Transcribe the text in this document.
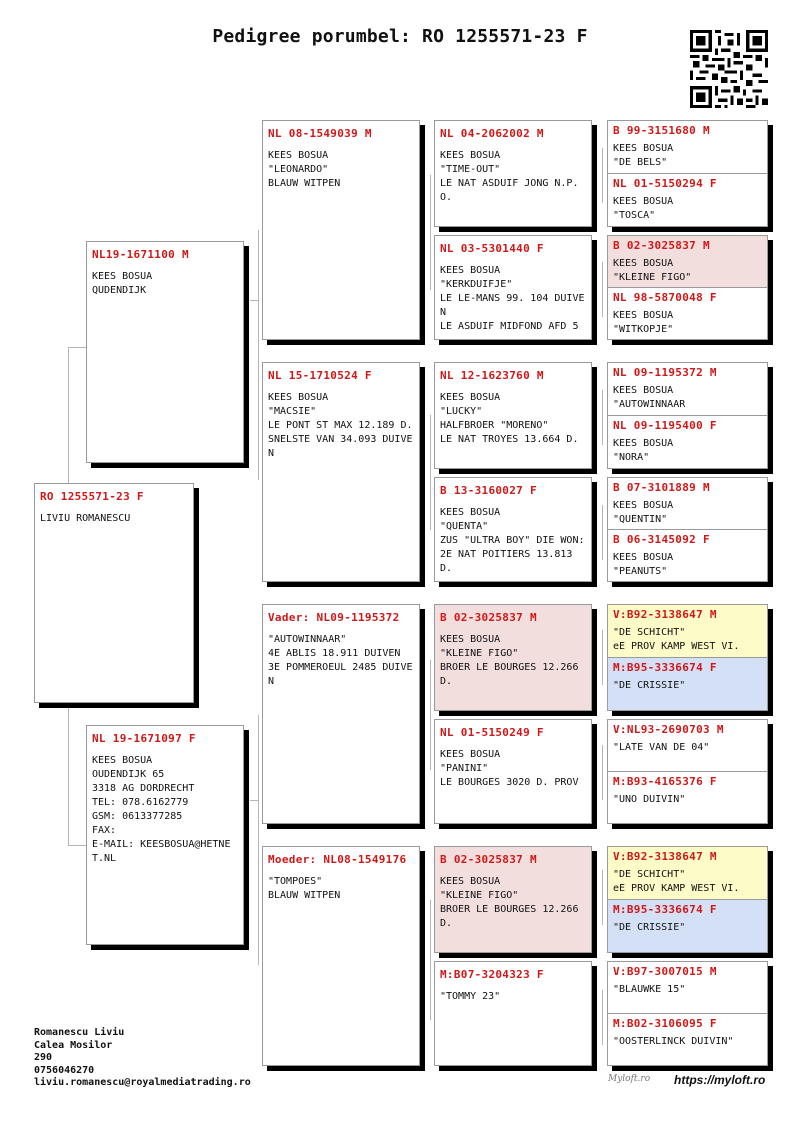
Pedigree porumbel: RO 1255571-23 F
RO 1255571-23 F
LIVIU ROMANESCU
NL19-1671100 M
KEES BOSUA
QUDENDIJK
NL 19-1671097 F
KEES BOSUA
OUDENDIJK 65
3318 AG DORDRECHT
TEL: 078.6162779
GSM: 0613377285
FAX:
E-MAIL: KEESBOSUA@HETNET.NL
NL 08-1549039 M
KEES BOSUA
"LEONARDO"
BLAUW WITPEN
NL 15-1710524 F
KEES BOSUA
"MACSIE"
LE PONT ST MAX 12.189 D.
SNELSTE VAN 34.093 DUIVEN
Vader: NL09-1195372
"AUTOWINNAAR"
4E ABLIS 18.911 DUIVEN
3E POMMEROEUL 2485 DUIVEN
Moeder: NL08-1549176
"TOMPOES"
BLAUW WITPEN
NL 04-2062002 M
KEES BOSUA
"TIME-OUT"
LE NAT ASDUIF JONG N.P.O.
NL 03-5301440 F
KEES BOSUA
"KERKDUIFJE"
LE LE-MANS 99. 104 DUIVEN
LE ASDUIF MIDFOND AFD 5
NL 12-1623760 M
KEES BOSUA
"LUCKY"
HALFBROER "MORENO"
LE NAT TROYES 13.664 D.
B 13-3160027 F
KEES BOSUA
"QUENTA"
ZUS "ULTRA BOY" DIE WON:
2E NAT POITIERS 13.813 D.
B 02-3025837 M
KEES BOSUA
"KLEINE FIGO"
BROER LE BOURGES 12.266 D.
NL 01-5150249 F
KEES BOSUA
"PANINI"
LE BOURGES 3020 D. PROV
B 02-3025837 M
KEES BOSUA
"KLEINE FIGO"
BROER LE BOURGES 12.266 D.
M:B07-3204323 F
"TOMMY 23"
B 99-3151680 M
KEES BOSUA
"DE BELS"
NL 01-5150294 F
KEES BOSUA
"TOSCA"
B 02-3025837 M
KEES BOSUA
"KLEINE FIGO"
NL 98-5870048 F
KEES BOSUA
"WITKOPJE"
NL 09-1195372 M
KEES BOSUA
"AUTOWINNAAR
NL 09-1195400 F
KEES BOSUA
"NORA"
B 07-3101889 M
KEES BOSUA
"QUENTIN"
B 06-3145092 F
KEES BOSUA
"PEANUTS"
V:B92-3138647 M
"DE SCHICHT"
eE PROV KAMP WEST VI.
M:B95-3336674 F
"DE CRISSIE"
V:NL93-2690703 M
"LATE VAN DE 04"
M:B93-4165376 F
"UNO DUIVIN"
V:B92-3138647 M
"DE SCHICHT"
eE PROV KAMP WEST VI.
M:B95-3336674 F
"DE CRISSIE"
V:B97-3007015 M
"BLAUWKE 15"
M:B02-3106095 F
"OOSTERLINCK DUIVIN"
Romanescu Liviu
Calea Mosilor
290
0756046270
liviu.romanescu@royalmediatrading.ro	Myloft.ro https://myloft.ro
